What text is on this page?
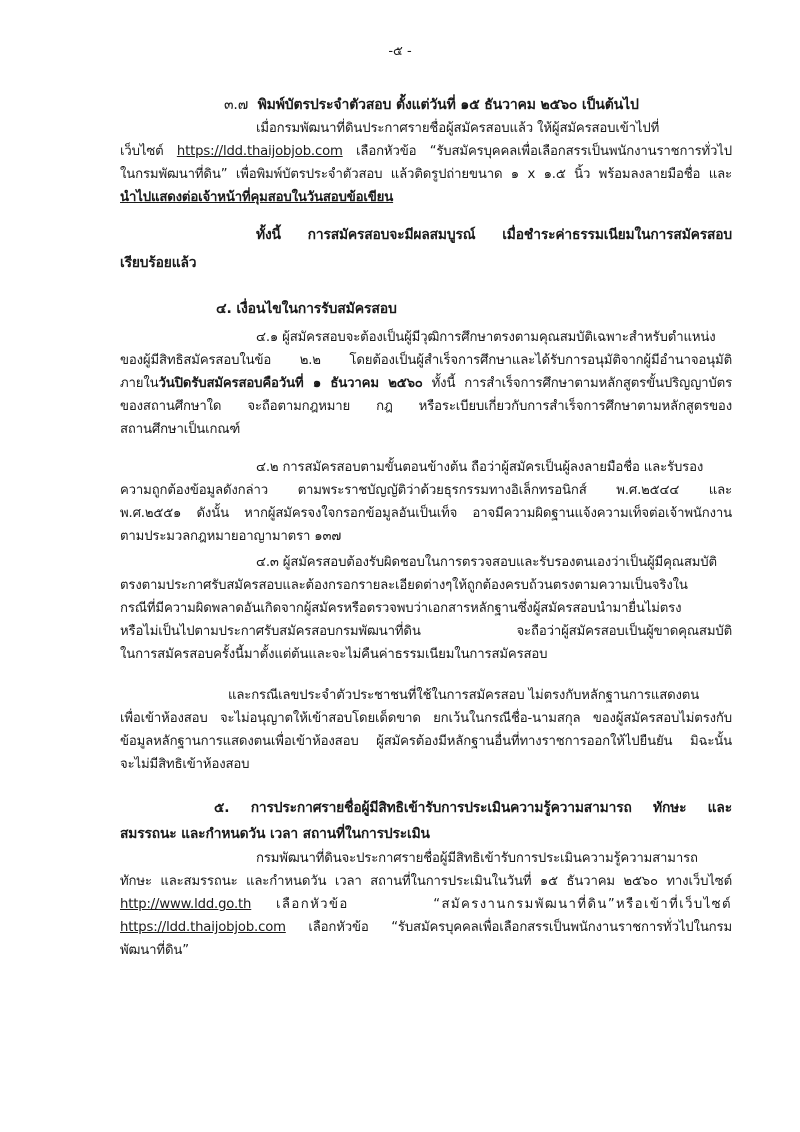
-๕ -
๓.๗ พิมพ์บัตรประจำตัวสอบ ตั้งแต่วันที่ ๑๕ ธันวาคม ๒๕๖๐ เป็นต้นไป
เมื่อกรมพัฒนาที่ดินประกาศรายชื่อผู้สมัครสอบแล้ว ให้ผู้สมัครสอบเข้าไปที่
เว็บไซต์ https://ldd.thaijobjob.com เลือกหัวข้อ “รับสมัครบุคคลเพื่อเลือกสรรเป็นพนักงานราชการทั่วไป
ในกรมพัฒนาที่ดิน” เพื่อพิมพ์บัตรประจำตัวสอบ แล้วติดรูปถ่ายขนาด ๑ x ๑.๕ นิ้ว พร้อมลงลายมือชื่อ และ
นำไปแสดงต่อเจ้าหน้าที่คุมสอบในวันสอบข้อเขียน
ทั้งนี้ การสมัครสอบจะมีผลสมบูรณ์ เมื่อชำระค่าธรรมเนียมในการสมัครสอบ
เรียบร้อยแล้ว
๔. เงื่อนไขในการรับสมัครสอบ
๔.๑ ผู้สมัครสอบจะต้องเป็นผู้มีวุฒิการศึกษาตรงตามคุณสมบัติเฉพาะสำหรับตำแหน่ง
ของผู้มีสิทธิสมัครสอบในข้อ ๒.๒ โดยต้องเป็นผู้สำเร็จการศึกษาและได้รับการอนุมัติจากผู้มีอำนาจอนุมัติ
ภายในวันปิดรับสมัครสอบคือวันที่ ๑ ธันวาคม ๒๕๖๐ ทั้งนี้ การสำเร็จการศึกษาตามหลักสูตรขั้นปริญญาบัตร
ของสถานศึกษาใด จะถือตามกฎหมาย กฎ หรือระเบียบเกี่ยวกับการสำเร็จการศึกษาตามหลักสูตรของ
สถานศึกษาเป็นเกณฑ์
๔.๒ การสมัครสอบตามขั้นตอนข้างต้น ถือว่าผู้สมัครเป็นผู้ลงลายมือชื่อ และรับรอง
ความถูกต้องข้อมูลดังกล่าว ตามพระราชบัญญัติว่าด้วยธุรกรรมทางอิเล็กทรอนิกส์ พ.ศ.๒๕๔๔ และ
พ.ศ.๒๕๕๑ ดังนั้น หากผู้สมัครจงใจกรอกข้อมูลอันเป็นเท็จ อาจมีความผิดฐานแจ้งความเท็จต่อเจ้าพนักงาน
ตามประมวลกฎหมายอาญามาตรา ๑๓๗
๔.๓ ผู้สมัครสอบต้องรับผิดชอบในการตรวจสอบและรับรองตนเองว่าเป็นผู้มีคุณสมบัติ
ตรงตามประกาศรับสมัครสอบและต้องกรอกรายละเอียดต่างๆให้ถูกต้องครบถ้วนตรงตามความเป็นจริงใน
กรณีที่มีความผิดพลาดอันเกิดจากผู้สมัครหรือตรวจพบว่าเอกสารหลักฐานซึ่งผู้สมัครสอบนำมายื่นไม่ตรง
หรือไม่เป็นไปตามประกาศรับสมัครสอบกรมพัฒนาที่ดิน จะถือว่าผู้สมัครสอบเป็นผู้ขาดคุณสมบัติ
ในการสมัครสอบครั้งนี้มาตั้งแต่ต้นและจะไม่คืนค่าธรรมเนียมในการสมัครสอบ
และกรณีเลขประจำตัวประชาชนที่ใช้ในการสมัครสอบ ไม่ตรงกับหลักฐานการแสดงตน
เพื่อเข้าห้องสอบ จะไม่อนุญาตให้เข้าสอบโดยเด็ดขาด ยกเว้นในกรณีชื่อ-นามสกุล ของผู้สมัครสอบไม่ตรงกับ
ข้อมูลหลักฐานการแสดงตนเพื่อเข้าห้องสอบ ผู้สมัครต้องมีหลักฐานอื่นที่ทางราชการออกให้ไปยืนยัน มิฉะนั้น
จะไม่มีสิทธิเข้าห้องสอบ
๕. การประกาศรายชื่อผู้มีสิทธิเข้ารับการประเมินความรู้ความสามารถ ทักษะ และ
สมรรถนะ และกำหนดวัน เวลา สถานที่ในการประเมิน
กรมพัฒนาที่ดินจะประกาศรายชื่อผู้มีสิทธิเข้ารับการประเมินความรู้ความสามารถ
ทักษะ และสมรรถนะ และกำหนดวัน เวลา สถานที่ในการประเมินในวันที่ ๑๕ ธันวาคม ๒๕๖๐ ทางเว็บไซต์
http://www.ldd.go.th เลือกหัวข้อ “สมัครงานกรมพัฒนาที่ดิน”หรือเข้าที่เว็บไซต์
https://ldd.thaijobjob.com เลือกหัวข้อ “รับสมัครบุคคลเพื่อเลือกสรรเป็นพนักงานราชการทั่วไปในกรม
พัฒนาที่ดิน”
